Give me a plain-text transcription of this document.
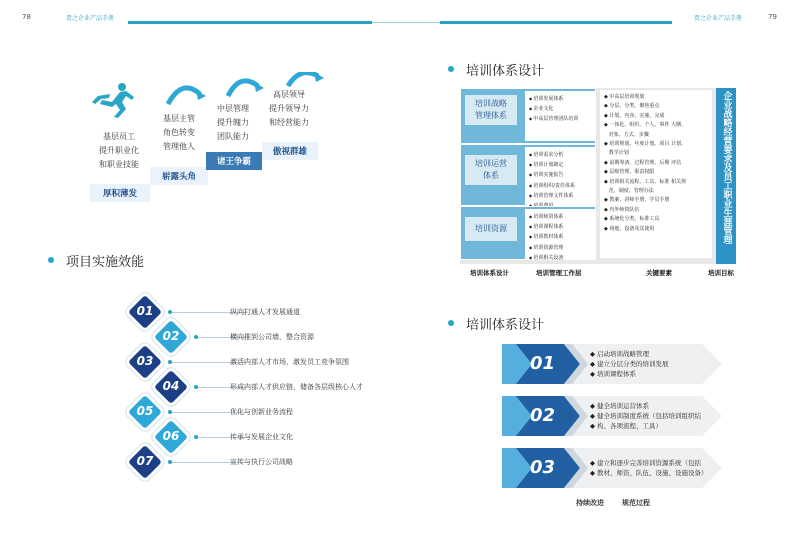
78	贾之企业产品手册	贾之企业产品手册	79
基层员工
提升职业化
和职业技能
厚积薄发
基层主管
角色转变
管理他人
崭露头角
中层管理
提升魄力
团队能力
诸王争霸
高层领导
提升领导力
和经营能力
傲视群雄
项目实施效能
01	纵向打通人才发展通道
02	横向推到公司墙，整合资源
03	激活内部人才市场，激发员工竞争氛围
04	形成内部人才供应链，储备各层级核心人才
05	优化与创新业务流程
06	传承与发展企业文化
07	宣传与执行公司战略
培训体系设计
培训战略
管理体系
◆ 培训发展体系
◆ 企业文化
◆ 中高层管理团队培训
培训运营
体系
◆ 培训需求分析
◆ 培训计划制定
◆ 培训实施报告
◆ 培训组织/责任体系
◆ 培训管理文件体系
◆
培训资源
◆ 培训师资体系
◆ 培训课程体系
◆ 培训教材体系
◆ 培训资源管理
◆ 培训相关设备
◆ 中高层培训规划
◆ 分层、分类、聚焦重点
◆ 计划、内容、实施、完成
◆ 一体化、组织、个人、事件 大纲、
对象、方式、步骤
◆ 培训规划、年度计划、项目 计划、
教学计划
◆ 前期筹备、过程管理、后期 评估
◆ 层级管理、职责权限
◆ 培训相关流程、工具、标准 相关规
范、制度、管理办法
◆ 教案、讲师手册、学员手册
◆ 内外师资队伍
◆ 系统化分类、标准工具
◆ 场地、设备及其使用	企业战略经营要求及员工职业生涯管理
培训体系设计	培训管理工作层	关键要素	培训目标
培训体系设计
01	◆ 启动培训战略管理
◆ 建立分层分类的培训发展
◆ 培训课程体系
02	◆ 健全培训运营体系
◆ 健全培训制度系统（包括培训组织结
◆ 构、各项流程、工具）
03	◆ 建立和逐步完善培训资源系统（包括
◆ 教材、师资、队伍、设施、设施设备）
持续改进	规范过程
